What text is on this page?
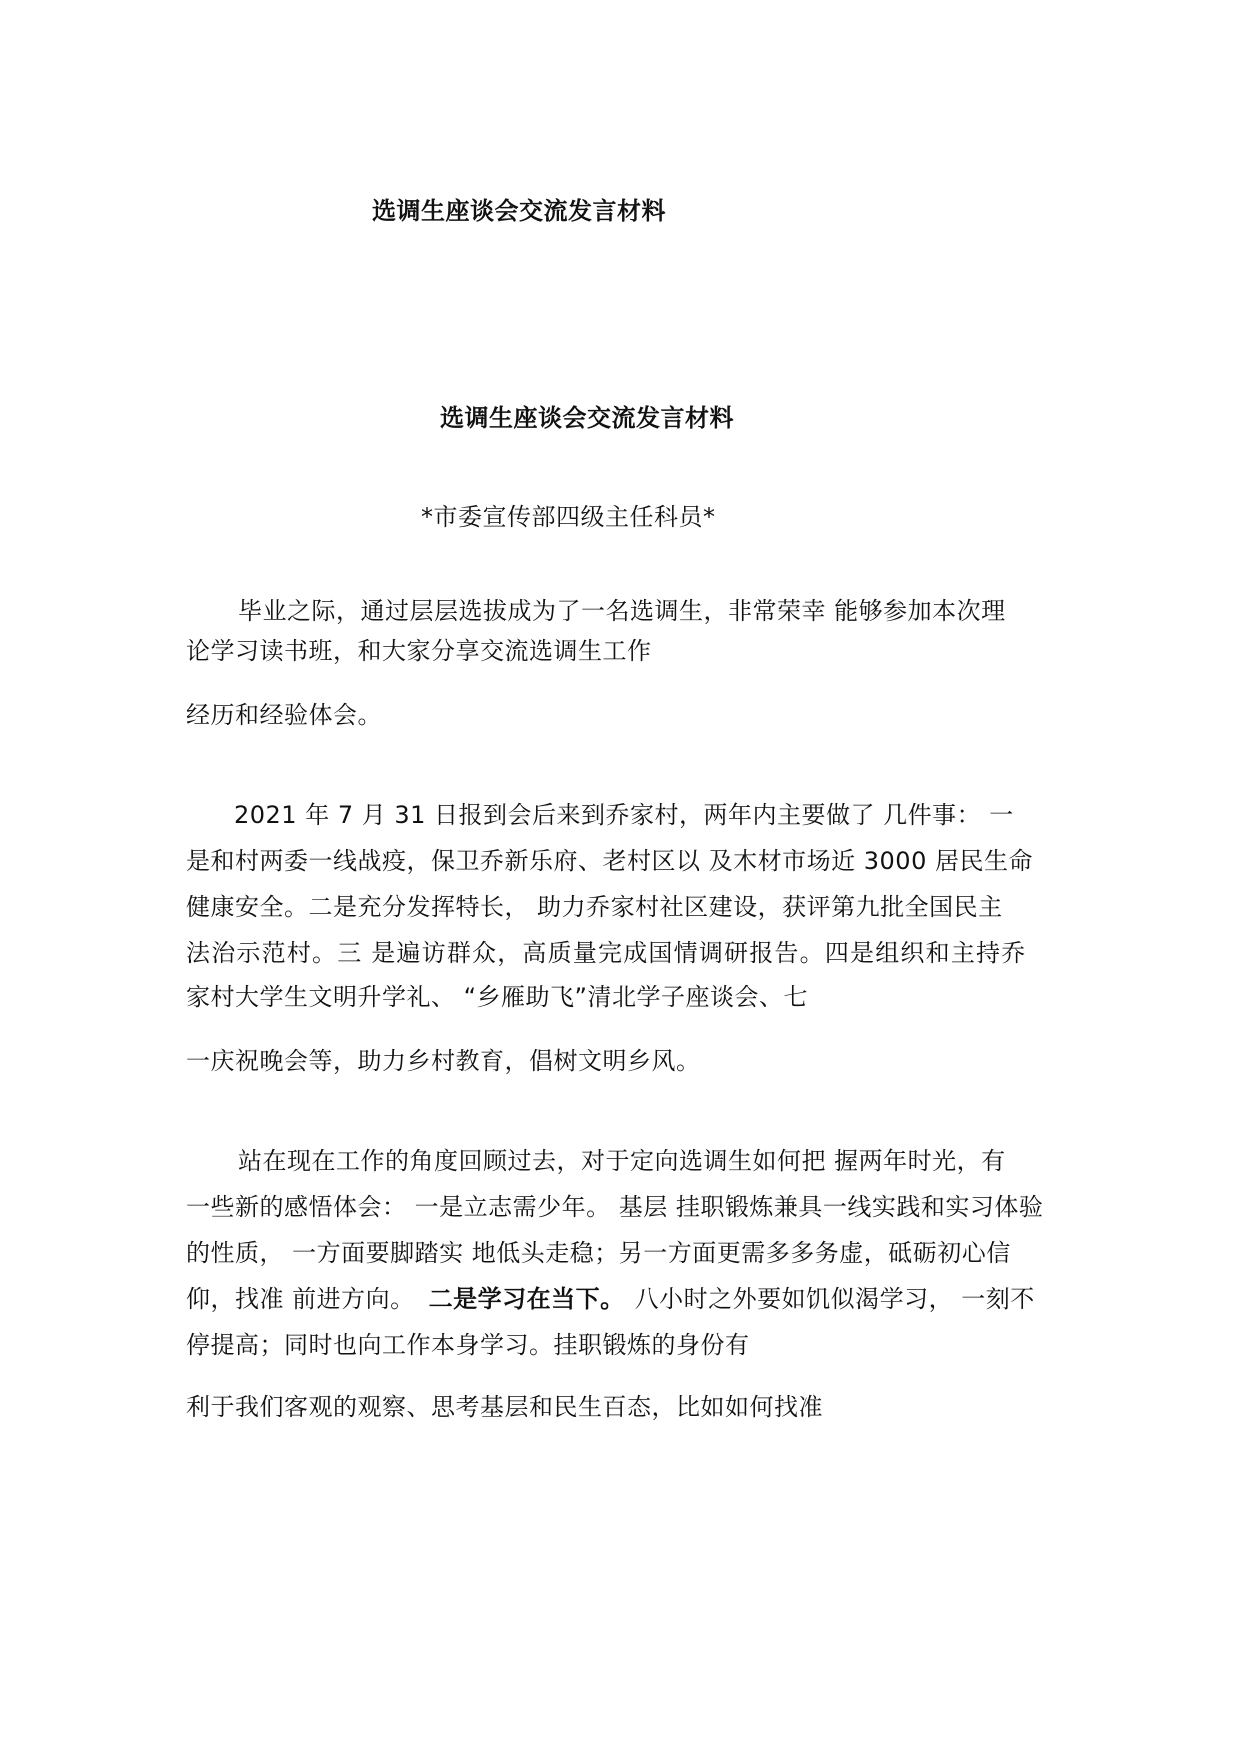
选调生座谈会交流发言材料
选调生座谈会交流发言材料
*市委宣传部四级主任科员*
毕业之际，通过层层选拔成为了一名选调生，非常荣幸 能够参加本次理
论学习读书班，和大家分享交流选调生工作
经历和经验体会。
2021 年 7 月 31 日报到会后来到乔家村，两年内主要做了 几件事： 一
是和村两委一线战疫，保卫乔新乐府、老村区以 及木材市场近 3000 居民生命
健康安全。二是充分发挥特长， 助力乔家村社区建设，获评第九批全国民主
法治示范村。三 是遍访群众，高质量完成国情调研报告。四是组织和主持乔
家村大学生文明升学礼、 “乡雁助飞”清北学子座谈会、七
一庆祝晚会等，助力乡村教育，倡树文明乡风。
站在现在工作的角度回顾过去，对于定向选调生如何把 握两年时光，有
一些新的感悟体会： 一是立志需少年。 基层 挂职锻炼兼具一线实践和实习体验
的性质， 一方面要脚踏实 地低头走稳；另一方面更需多多务虚，砥砺初心信
仰，找准 前进方向。 二是学习在当下。 八小时之外要如饥似渴学习， 一刻不
停提高；同时也向工作本身学习。挂职锻炼的身份有
利于我们客观的观察、思考基层和民生百态，比如如何找准
